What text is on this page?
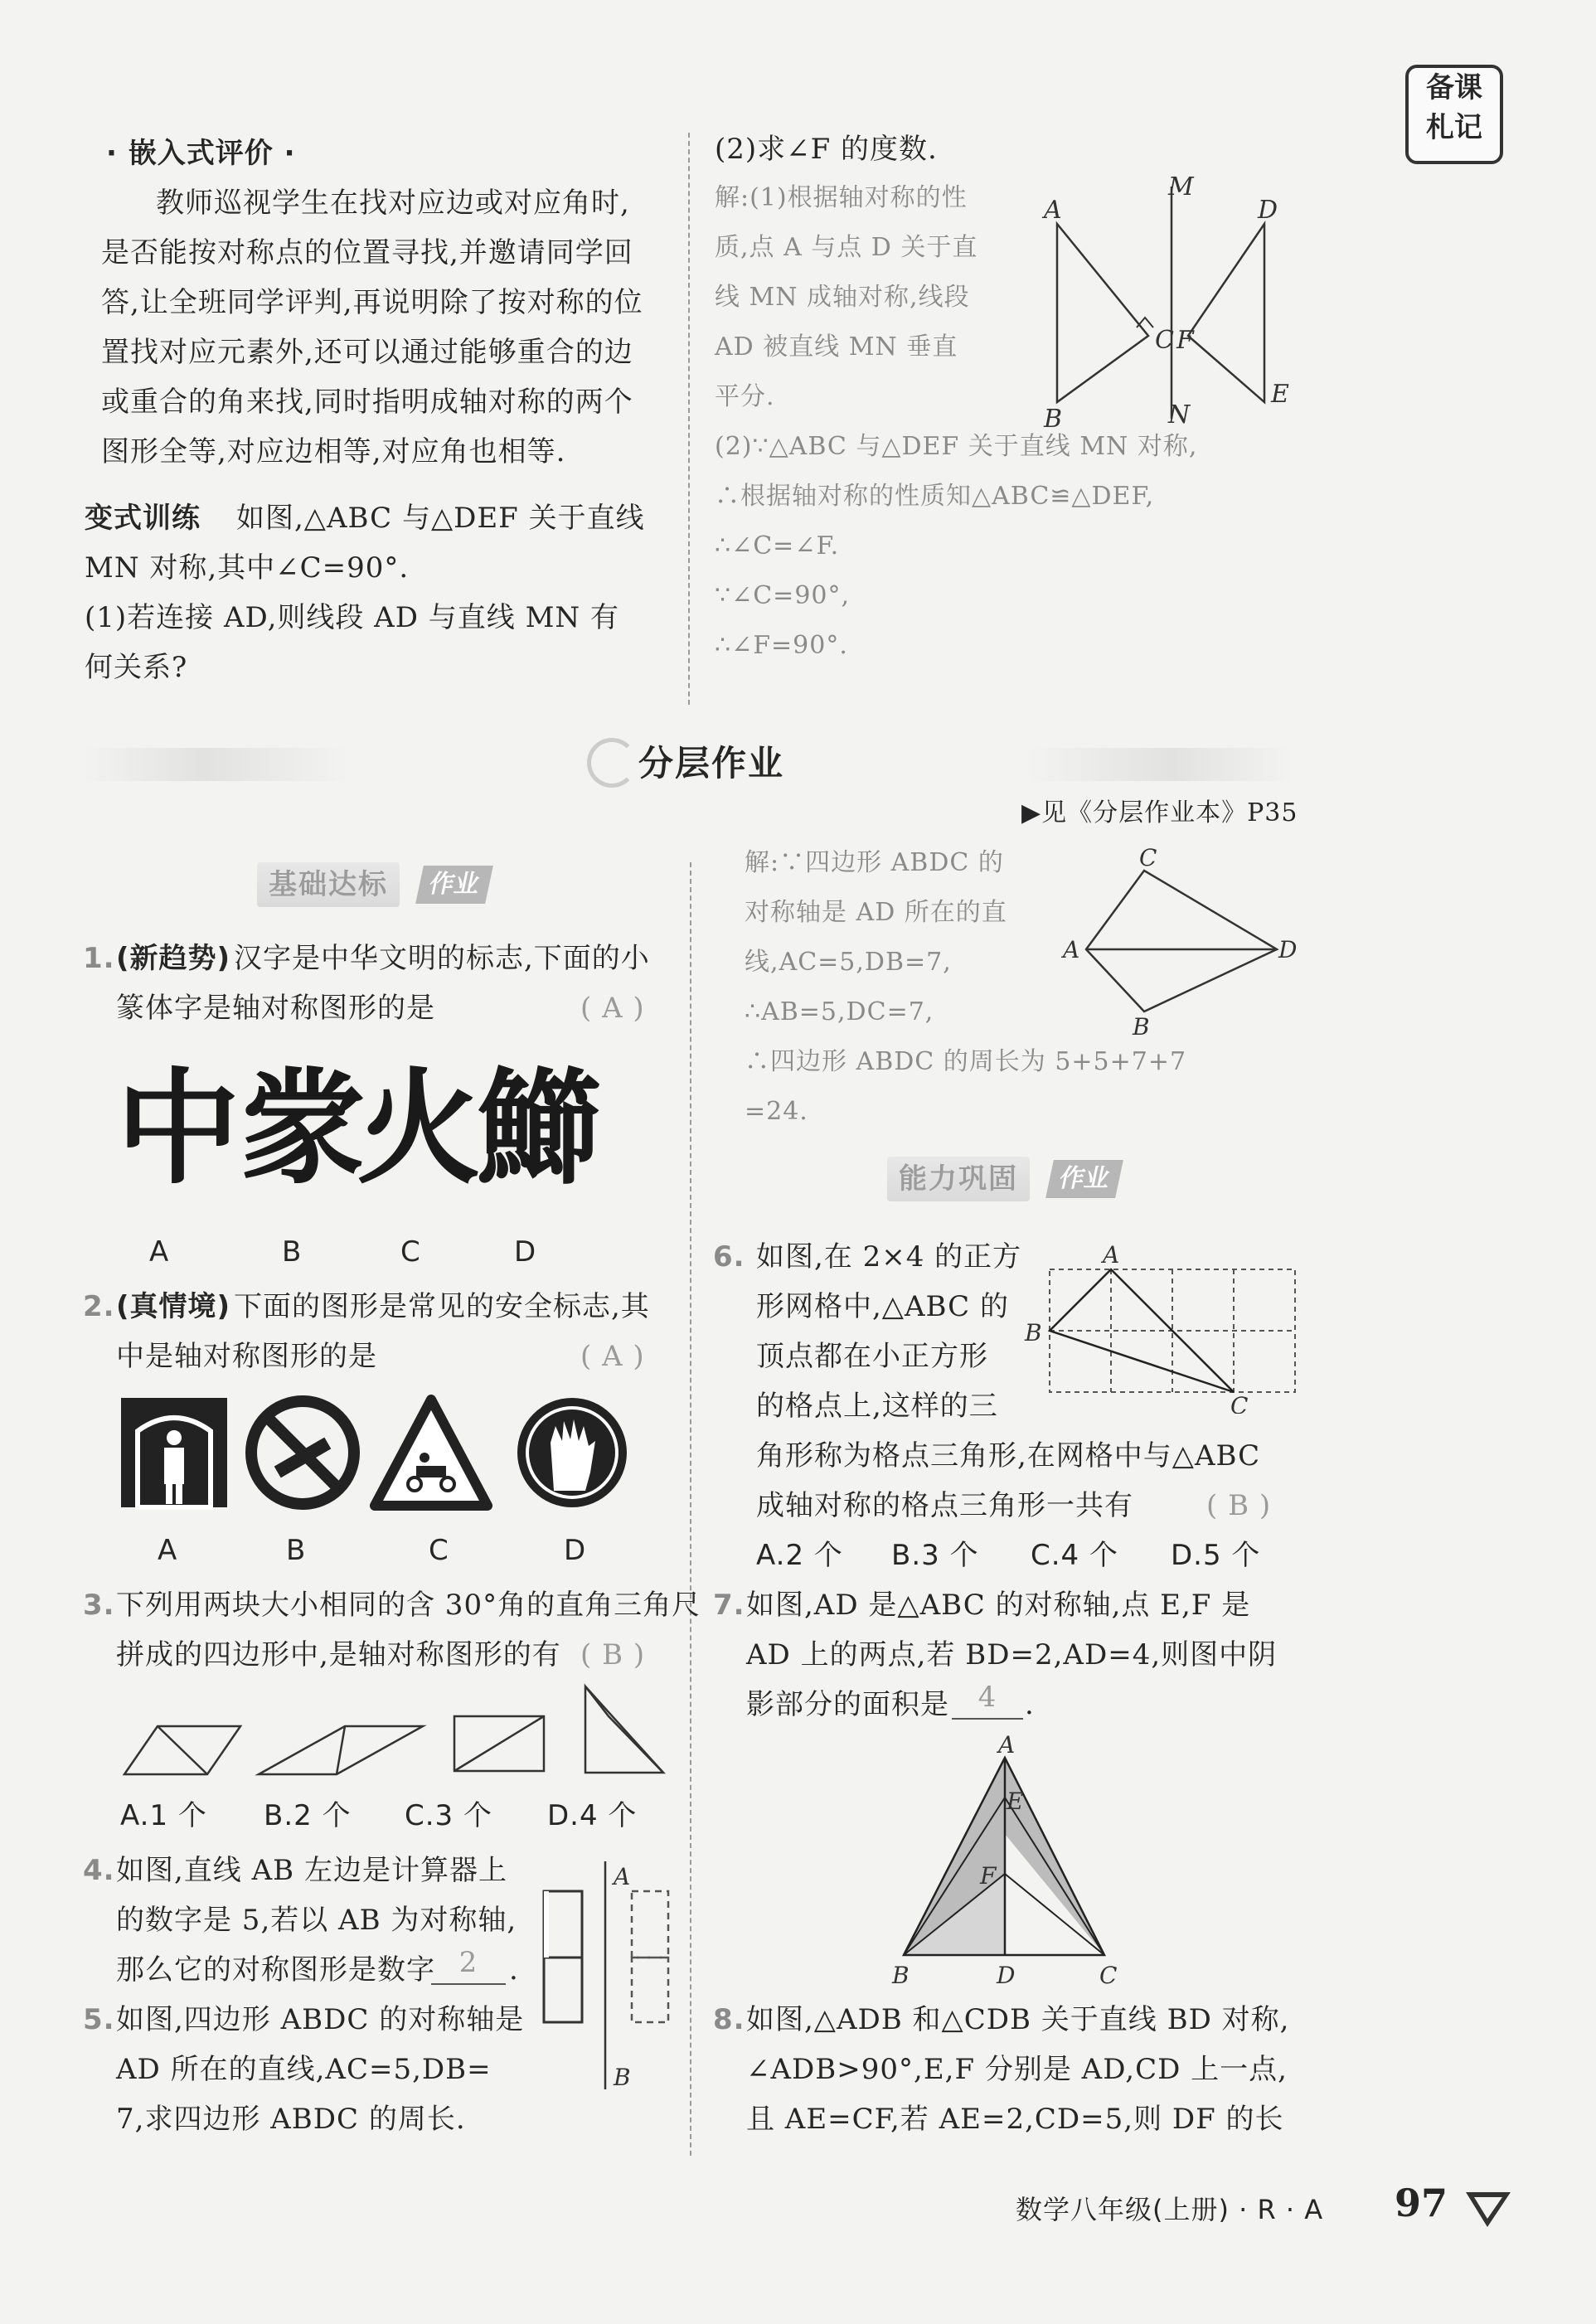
备课
札记
· 嵌入式评价 ·
教师巡视学生在找对应边或对应角时,
是否能按对称点的位置寻找,并邀请同学回
答,让全班同学评判,再说明除了按对称的位
置找对应元素外,还可以通过能够重合的边
或重合的角来找,同时指明成轴对称的两个
图形全等,对应边相等,对应角也相等.
变式训练 如图,△ABC 与△DEF 关于直线
MN 对称,其中∠C=90°.
(1)若连接 AD,则线段 AD 与直线 MN 有
何关系?
(2)求∠F 的度数.
解:(1)根据轴对称的性
质,点 A 与点 D 关于直
线 MN 成轴对称,线段
AD 被直线 MN 垂直
平分.
(2)∵△ABC 与△DEF 关于直线 MN 对称,
∴根据轴对称的性质知△ABC≌△DEF,
∴∠C=∠F.
∵∠C=90°,
∴∠F=90°.
A
B
C
D
E
F
M
N
分层作业
▶见《分层作业本》P35
基础达标	作业
1. (新趋势) 汉字是中华文明的标志,下面的小
篆体字是轴对称图形的是	( A )
中 䝉
火
䲙
A	B	C	D
2. (真情境) 下面的图形是常见的安全标志,其
中是轴对称图形的是	( A )
A	B	C	D
3. 下列用两块大小相同的含 30°角的直角三角尺
拼成的四边形中,是轴对称图形的有 ( B )
A.1 个 B.2 个 C.3 个 D.4 个
4. 如图,直线 AB 左边是计算器上
的数字是 5,若以 AB 为对称轴,
那么它的对称图形是数字 2	.
A
B
5. 如图,四边形 ABDC 的对称轴是
AD 所在的直线,AC=5,DB=
7,求四边形 ABDC 的周长.
解:∵四边形 ABDC 的
对称轴是 AD 所在的直
线,AC=5,DB=7,
∴AB=5,DC=7,
∴四边形 ABDC 的周长为 5+5+7+7
=24.
C
A	D
B
能力巩固	作业
6. 如图,在 2×4 的正方
形网格中,△ABC 的
顶点都在小正方形
的格点上,这样的三
角形称为格点三角形,在网格中与△ABC
成轴对称的格点三角形一共有	( B )
A.2 个 B.3 个 C.4 个 D.5 个
A
B
C
7. 如图,AD 是△ABC 的对称轴,点 E,F 是
AD 上的两点,若 BD=2,AD=4,则图中阴
影部分的面积是	4 .
A
E
F
B	D	C
8. 如图,△ADB 和△CDB 关于直线 BD 对称,
∠ADB>90°,E,F 分别是 AD,CD 上一点,
且 AE=CF,若 AE=2,CD=5,则 DF 的长
数学八年级(上册) · R · A 97
